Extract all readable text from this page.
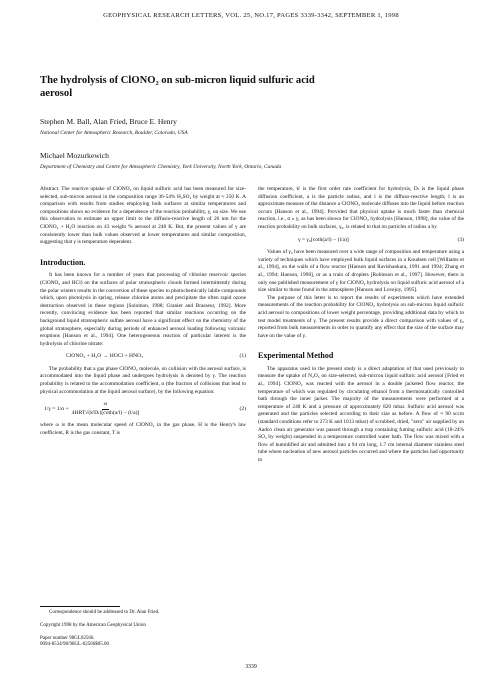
GEOPHYSICAL RESEARCH LETTERS, VOL. 25, NO.17, PAGES 3339-3342, SEPTEMBER 1, 1998
The hydrolysis of ClONO₂ on sub-micron liquid sulfuric acid
aerosol
Stephen M. Ball, Alan Fried, Bruce E. Henry
National Center for Atmospheric Research, Boulder, Colorado, USA
Michael Mozurkewich
Department of Chemistry and Centre for Atmospheric Chemistry, York University, North York, Ontario, Canada

Abstract. The reactive uptake of ClONO₂ on liquid sulfuric acid has been measured for size-selected, sub-micron aerosol in the composition range 36-54% H₂SO₄ by weight at ≈ 250 K. A comparison with results from studies employing bulk surfaces at similar temperatures and compositions shows no evidence for a dependence of the reaction probability, γ, on size. We use this observation to estimate an upper limit to the diffusio-reactive length of 26 nm for the ClONO₂ + H₂O reaction on 43 weight % aerosol at 248 K. But, the present values of γ are consistently lower than bulk values observed at lower temperatures and similar composition, suggesting that γ is temperature dependent.

Introduction.

It has been known for a number of years that processing of chlorine reservoir species (ClONO₂ and HCl) on the surfaces of polar stratospheric clouds formed intermittently during the polar winters results in the conversion of these species to photochemically labile compounds which, upon photolysis in spring, release chlorine atoms and precipitate the often rapid ozone destruction observed in these regions [Solomon, 1988; Granier and Brasseur, 1992]. More recently, convincing evidence has been reported that similar reactions occurring on the background liquid stratospheric sulfate aerosol have a significant effect on the chemistry of the global stratosphere, especially during periods of enhanced aerosol loading following volcanic eruptions [Hanson et al., 1994]. One heterogeneous reaction of particular interest is the hydrolysis of chlorine nitrate:

ClONO₂ + H₂O → HOCl + HNO₃	(1)

The probability that a gas phase ClONO₂ molecule, on collision with the aerosol surface, is accommodated into the liquid phase and undergoes hydrolysis is denoted by γ. The reaction probability is related to the accommodation coefficient, α (the fraction of collisions that lead to physical accommodation at the liquid aerosol surface), by the following equation:

$1/\gamma = 1/\alpha + \frac{\omega}{\text{4HRT√(kᴵDₗ)[coth(a/l) − (l/a)]}}$	(2)

where ω is the mean molecular speed of ClONO₂ in the gas phase, H is the Henry's law coefficient, R is the gas constant, T is

Correspondence should be addressed to Dr. Alan Fried.
Copyright 1998 by the American Geophysical Union
Paper number 98GL02566.
0094-8534/98/98GL-02566$05.00

the temperature, kᴵ is the first order rate coefficient for hydrolysis, Dₗ is the liquid phase diffusion coefficient, a is the particle radius, and l is the diffuso-reactive length; l is an approximate measure of the distance a ClONO₂ molecule diffuses into the liquid before reaction occurs [Hanson et al., 1994]. Provided that physical uptake is much faster than chemical reaction, i.e., α » γ, as has been shown for ClONO₂ hydrolysis [Hanson, 1998], the value of the reaction probability on bulk surfaces, γ₀, is related to that on particles of radius a by

γ = γ₀[coth(a/l) − (l/a)]	(3)

Values of γ₀ have been measured over a wide range of composition and temperature using a variety of techniques which have employed bulk liquid surfaces in a Knudsen cell [Williams et al., 1994], on the walls of a flow reactor [Hanson and Ravishankara, 1991 and 1994; Zhang et al., 1994; Hanson, 1998], or as a train of droplets [Robinson et al., 1997]. However, there is only one published measurement of γ for ClONO₂ hydrolysis on liquid sulfuric acid aerosol of a size similar to those found in the atmosphere [Hanson and Lovejoy, 1995].

The purpose of this letter is to report the results of experiments which have extended measurements of the reaction probability for ClONO₂ hydrolysis on sub-micron liquid sulfuric acid aerosol to compositions of lower weight percentage, providing additional data by which to test model treatments of γ. The present results provide a direct comparison with values of γ₀ reported from bulk measurements in order to quantify any effect that the size of the surface may have on the value of γ.

Experimental Method

The apparatus used in the present study is a direct adaptation of that used previously to measure the uptake of N₂O₅ on size-selected, sub-micron liquid sulfuric acid aerosol [Fried et al., 1994]. ClONO₂ was reacted with the aerosol in a double jacketed flow reactor, the temperature of which was regulated by circulating ethanol from a thermostatically controlled bath through the inner jacket. The majority of the measurements were performed at a temperature of 248 K and a pressure of approximately 820 mbar. Sulfuric acid aerosol was generated and the particles selected according to their size as before. A flow of ≈ 90 sccm (standard conditions refer to 273 K and 1013 mbar) of scrubbed, dried, "zero" air supplied by an Aadco clean air generator was passed through a trap containing fuming sulfuric acid (18-24% SO₃ by weight) suspended in a temperature controlled water bath. The flow was mixed with a flow of humidified air and admitted into a 94 cm long, 1.7 cm internal diameter stainless steel tube where nucleation of new aerosol particles occurred and where the particles had opportunity to

3339
